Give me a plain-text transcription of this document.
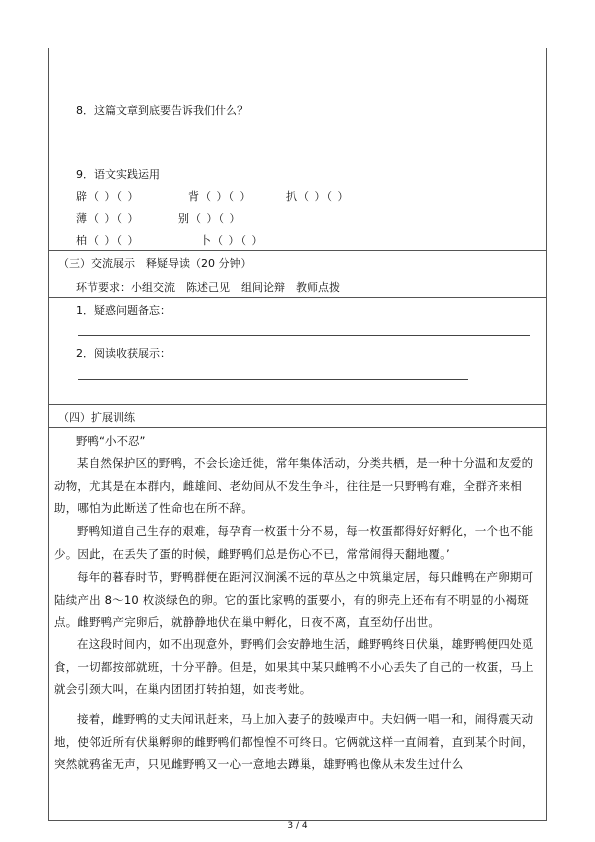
8．这篇文章到底要告诉我们什么？
9．语文实践运用
辟（ ）（ ）	背（ ）（ ）	扒（ ）（ ）
薄（ ）（ ）	别（ ）（ ）
柏（ ）（ ）	卜（ ）（ ）
（三）交流展示　释疑导读（20 分钟）
环节要求：小组交流　陈述己见　组间论辩　教师点拨
1．疑惑问题备忘：
2．阅读收获展示：
（四）扩展训练
野鸭“小不忍”
某自然保护区的野鸭，不会长途迁徙，常年集体活动，分类共栖，是一种十分温和友爱的动物，尤其是在本群内，雌雄间、老幼间从不发生争斗，往往是一只野鸭有难，全群齐来相助，哪怕为此断送了性命也在所不辞。
野鸭知道自己生存的艰难，每孕育一枚蛋十分不易，每一枚蛋都得好好孵化，一个也不能少。因此，在丢失了蛋的时候，雌野鸭们总是伤心不已，常常闹得天翻地覆。’
每年的暮春时节，野鸭群便在距河汉涧溪不远的草丛之中筑巢定居，每只雌鸭在产卵期可陆续产出 8～10 枚淡绿色的卵。它的蛋比家鸭的蛋要小，有的卵壳上还布有不明显的小褐斑点。雌野鸭产完卵后，就静静地伏在巢中孵化，日夜不离，直至幼仔出世。
在这段时间内，如不出现意外，野鸭们会安静地生活，雌野鸭终日伏巢，雄野鸭便四处觅食，一切都按部就班，十分平静。但是，如果其中某只雌鸭不小心丢失了自己的一枚蛋，马上就会引颈大叫，在巢内团团打转拍翅，如丧考妣。
接着，雌野鸭的丈夫闻讯赶来，马上加入妻子的鼓噪声中。夫妇俩一唱一和，闹得震天动地，使邻近所有伏巢孵卵的雌野鸭们都惶惶不可终日。它俩就这样一直闹着，直到某个时间，突然就鸦雀无声，只见雌野鸭又一心一意地去蹲巢，雄野鸭也像从未发生过什么
3 / 4
